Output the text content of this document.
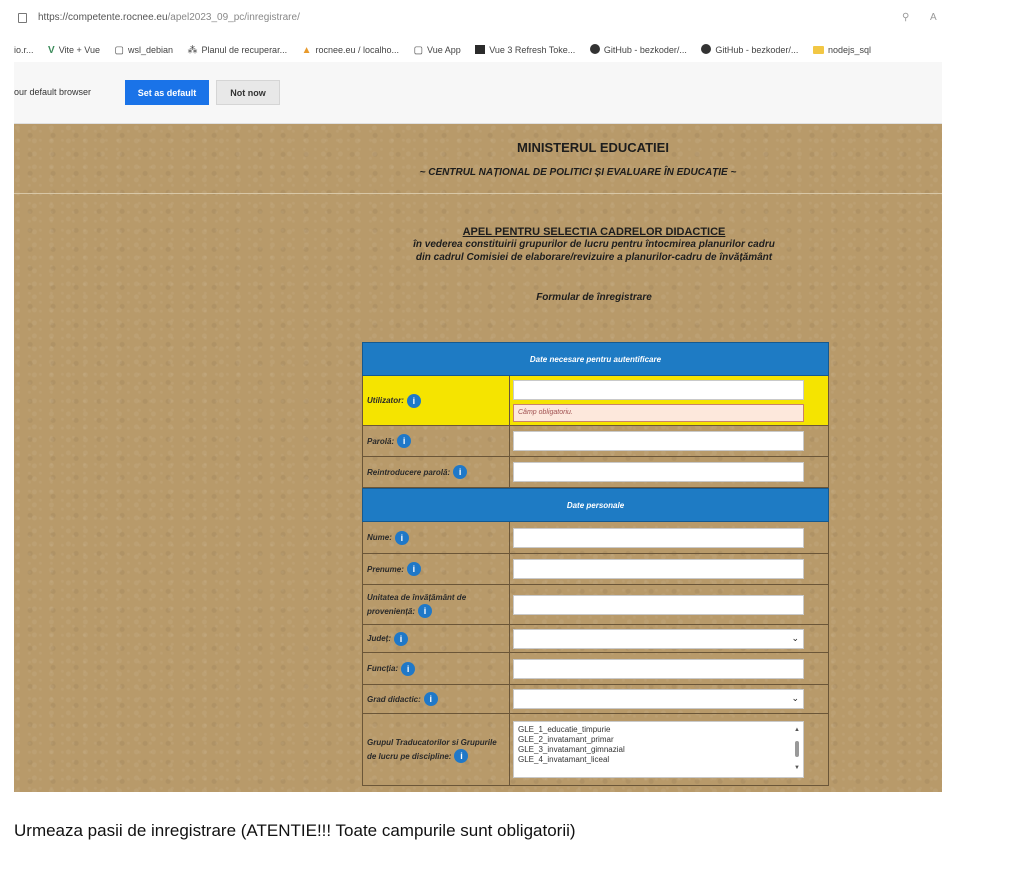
https://competente.rocnee.eu/apel2023_09_pc/inregistrare/	⚲ A
io.r... V Vite + Vue ▢ wsl_debian ⁂ Planul de recuperar... ▲ rocnee.eu / localho... ▢ Vue App	Vue 3 Refresh Toke...	GitHub - bezkoder/...	GitHub - bezkoder/...	nodejs_sql
our default browser	Set as default	Not now
MINISTERUL EDUCATIEI
~ CENTRUL NAȚIONAL DE POLITICI ȘI EVALUARE ÎN EDUCAȚIE ~
APEL PENTRU SELECTIA CADRELOR DIDACTICE
în vederea constituirii grupurilor de lucru pentru întocmirea planurilor cadru
din cadrul Comisiei de elaborare/revizuire a planurilor-cadru de învățământ
Formular de înregistrare
Date necesare pentru autentificare
Utilizator: i
Câmp obligatoriu.
Parolă: i
Reintroducere parolă: i
Date personale
Nume: i
Prenume: i
Unitatea de învățământ de proveniență: i
Județ: i	⌄
Funcția: i
Grad didactic: i	⌄
Grupul Traducatorilor si Grupurile de lucru pe discipline: i
GLE_1_educatie_timpurie
GLE_2_invatamant_primar
GLE_3_invatamant_gimnazial
GLE_4_invatamant_liceal
▲
▼
Urmeaza pasii de inregistrare (ATENTIE!!! Toate campurile sunt obligatorii)
